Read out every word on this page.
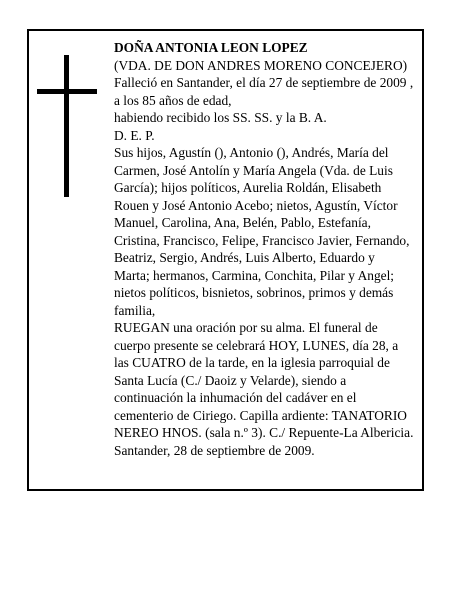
DOÑA ANTONIA LEON LOPEZ
(VDA. DE DON ANDRES MORENO CONCEJERO)
Falleció en Santander, el día 27 de septiembre de 2009 ,
a los 85 años de edad,
habiendo recibido los SS. SS. y la B. A.
D. E. P.
Sus hijos, Agustín (), Antonio (), Andrés, María del
Carmen, José Antolín y María Angela (Vda. de Luis
García); hijos políticos, Aurelia Roldán, Elisabeth
Rouen y José Antonio Acebo; nietos, Agustín, Víctor
Manuel, Carolina, Ana, Belén, Pablo, Estefanía,
Cristina, Francisco, Felipe, Francisco Javier, Fernando,
Beatriz, Sergio, Andrés, Luis Alberto, Eduardo y
Marta; hermanos, Carmina, Conchita, Pilar y Angel;
nietos políticos, bisnietos, sobrinos, primos y demás
familia,
RUEGAN una oración por su alma. El funeral de
cuerpo presente se celebrará HOY, LUNES, día 28, a
las CUATRO de la tarde, en la iglesia parroquial de
Santa Lucía (C./ Daoiz y Velarde), siendo a
continuación la inhumación del cadáver en el
cementerio de Ciriego. Capilla ardiente: TANATORIO
NEREO HNOS. (sala n.º 3). C./ Repuente-La Albericia.
Santander, 28 de septiembre de 2009.
